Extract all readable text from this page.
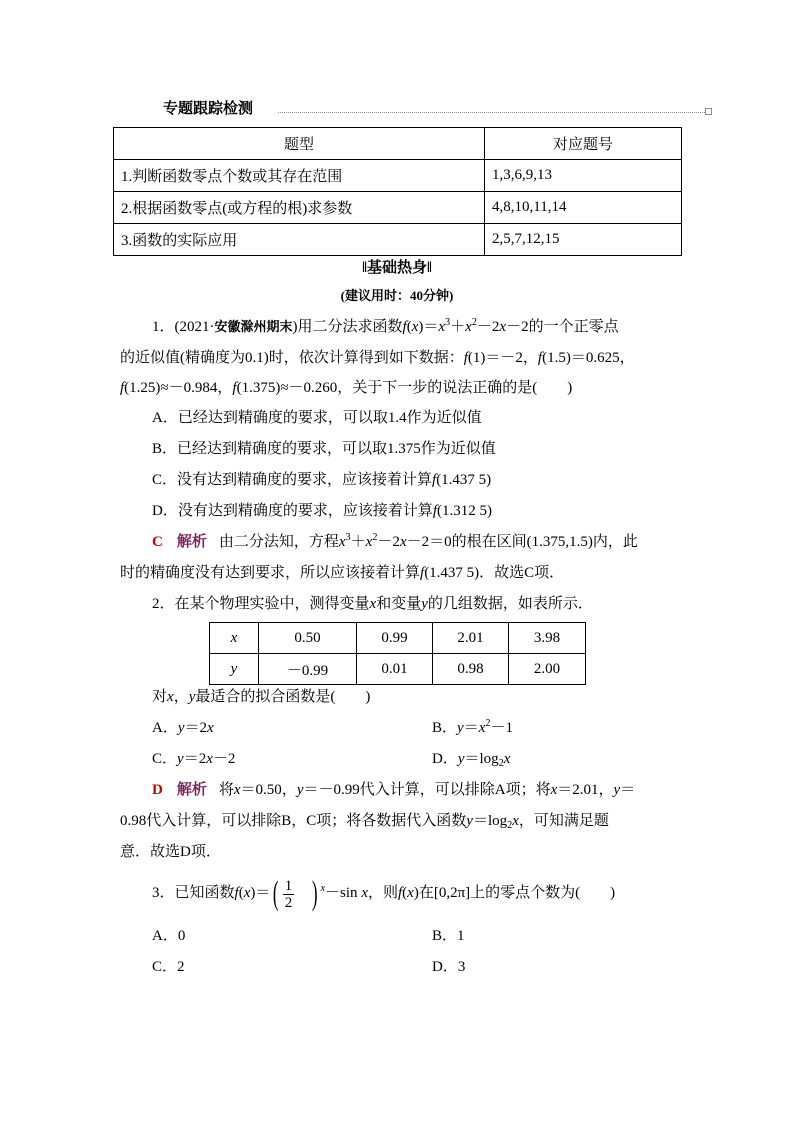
专题跟踪检测
题型	对应题号
1.判断函数零点个数或其存在范围	1,3,6,9,13
2.根据函数零点(或方程的根)求参数	4,8,10,11,14
3.函数的实际应用	2,5,7,12,15
‖基础热身‖
(建议用时：40分钟)
1．(2021·安徽滁州期末)用二分法求函数$f(x)=x^3+x^2-2x-2$的一个正零点
的近似值(精确度为0.1)时，依次计算得到如下数据：f(1)＝－2，f(1.5)＝0.625，
f(1.25)≈－0.984，f(1.375)≈－0.260，关于下一步的说法正确的是(　　)
A．已经达到精确度的要求，可以取1.4作为近似值
B．已经达到精确度的要求，可以取1.375作为近似值
C．没有达到精确度的要求，应该接着计算f(1.437 5)
D．没有达到精确度的要求，应该接着计算f(1.312 5)
C 解析 由二分法知，方程$x^3+x^2-2x-2=0$的根在区间(1.375,1.5)内，此
时的精确度没有达到要求，所以应该接着计算f(1.437 5)．故选C项．
2．在某个物理实验中，测得变量x和变量y的几组数据，如表所示．
x	0.50	0.99	2.01	3.98
y	－0.99	0.01	0.98	2.00
对x，y最适合的拟合函数是(　　)
A．y＝2x	B．$y=x^2-1$
C．y＝2x－2	D．$y=\log_2x$
D 解析 将x＝0.50，y＝－0.99代入计算，可以排除A项；将x＝2.01，y＝
0.98代入计算，可以排除B，C项；将各数据代入函数$y=\log_2x$，可知满足题
意．故选D项．
3．已知函数$f(x)=( \frac{1}{2}$ ) $^x$－sin x，则f(x)在[0,2π]上的零点个数为(　　)
A．0	B．1
C．2	D．3
